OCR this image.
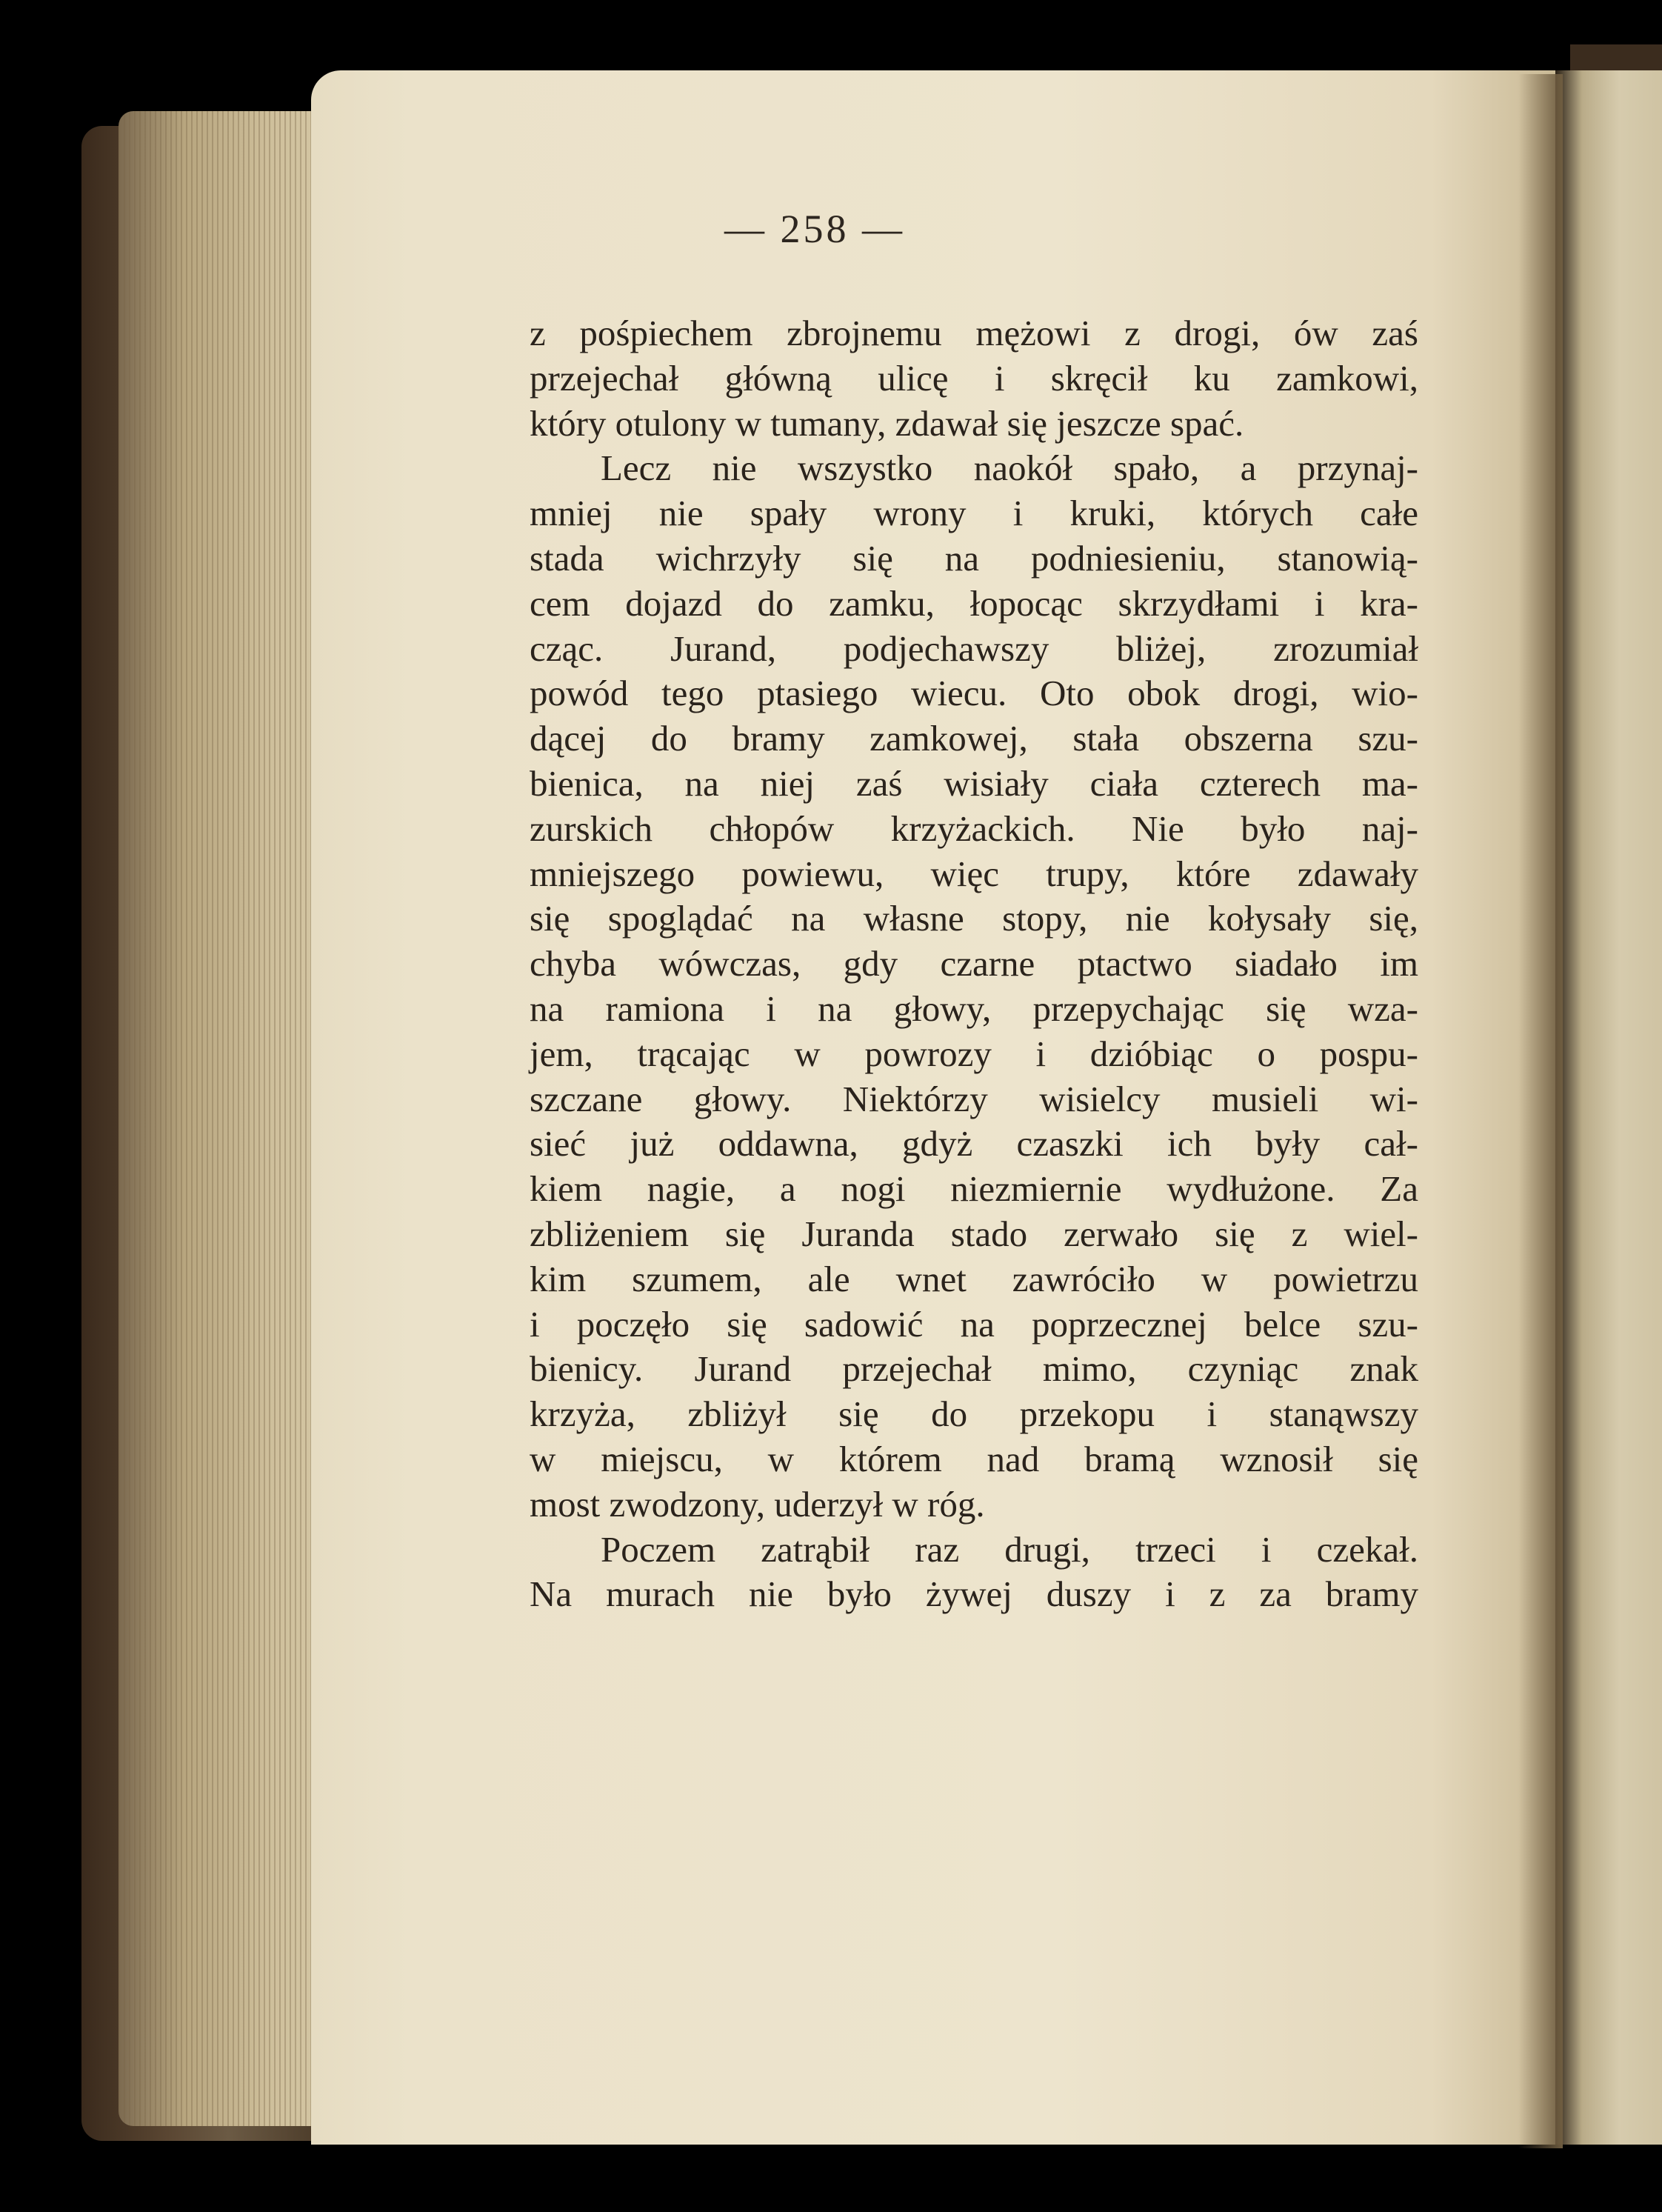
— 258 —
z pośpiechem zbrojnemu mężowi z drogi, ów zaś
przejechał główną ulicę i skręcił ku zamkowi,
który otulony w tumany, zdawał się jeszcze spać.
Lecz nie wszystko naokół spało, a przynaj-
mniej nie spały wrony i kruki, których całe
stada wichrzyły się na podniesieniu, stanowią-
cem dojazd do zamku, łopocąc skrzydłami i kra-
cząc. Jurand, podjechawszy bliżej, zrozumiał
powód tego ptasiego wiecu. Oto obok drogi, wio-
dącej do bramy zamkowej, stała obszerna szu-
bienica, na niej zaś wisiały ciała czterech ma-
zurskich chłopów krzyżackich. Nie było naj-
mniejszego powiewu, więc trupy, które zdawały
się spoglądać na własne stopy, nie kołysały się,
chyba wówczas, gdy czarne ptactwo siadało im
na ramiona i na głowy, przepychając się wza-
jem, trącając w powrozy i dzióbiąc o pospu-
szczane głowy. Niektórzy wisielcy musieli wi-
sieć już oddawna, gdyż czaszki ich były cał-
kiem nagie, a nogi niezmiernie wydłużone. Za
zbliżeniem się Juranda stado zerwało się z wiel-
kim szumem, ale wnet zawróciło w powietrzu
i poczęło się sadowić na poprzecznej belce szu-
bienicy. Jurand przejechał mimo, czyniąc znak
krzyża, zbliżył się do przekopu i stanąwszy
w miejscu, w którem nad bramą wznosił się
most zwodzony, uderzył w róg.
Poczem zatrąbił raz drugi, trzeci i czekał.
Na murach nie było żywej duszy i z za bramy
